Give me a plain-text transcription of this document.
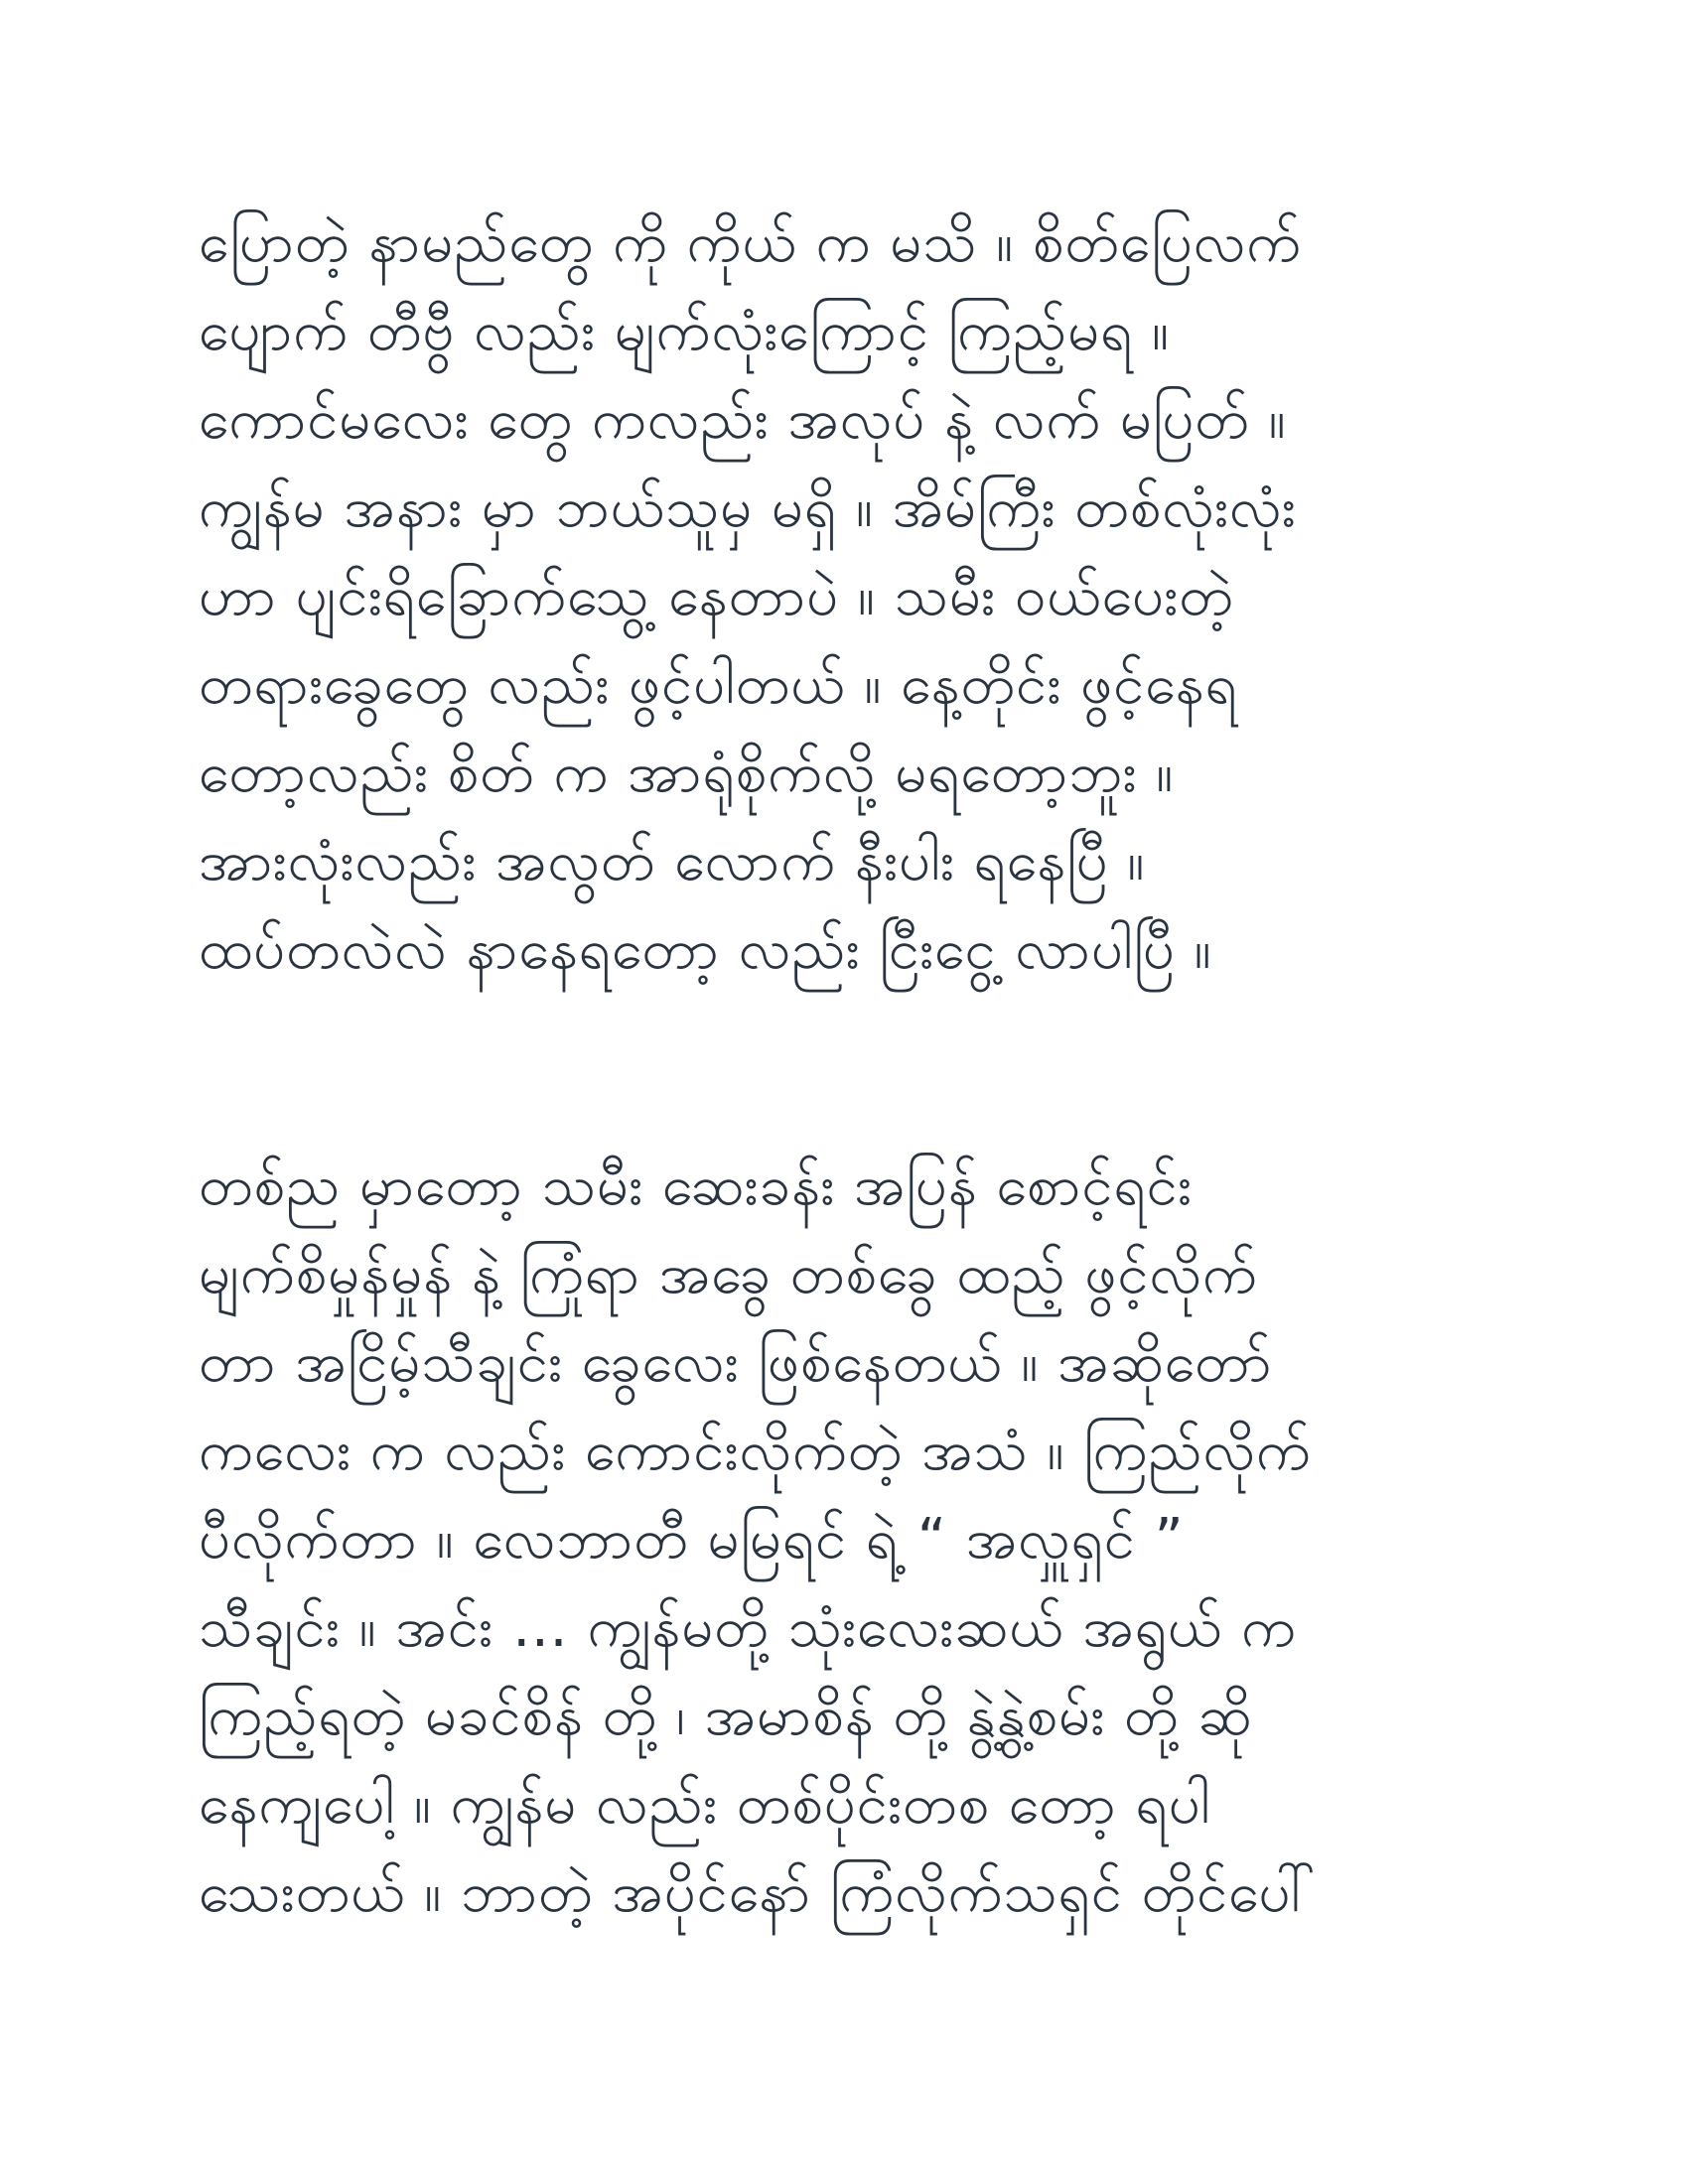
ပြောတဲ့ နာမည်တွေ ကို ကိုယ် က မသိ ။ စိတ်ပြေလက်
ပျောက် တီဗွီ လည်း မျက်လုံးကြောင့် ကြည့်မရ ။
ကောင်မလေး တွေ ကလည်း အလုပ် နဲ့ လက် မပြတ် ။
ကျွန်မ အနား မှာ ဘယ်သူမှ မရှိ ။ အိမ်ကြီး တစ်လုံးလုံး
ဟာ ပျင်းရိခြောက်သွေ့ နေတာပဲ ။ သမီး ဝယ်ပေးတဲ့
တရားခွေတွေ လည်း ဖွင့်ပါတယ် ။ နေ့တိုင်း ဖွင့်နေရ
တော့လည်း စိတ် က အာရုံစိုက်လို့ မရတော့ဘူး ။
အားလုံးလည်း အလွတ် လောက် နီးပါး ရနေပြီ ။
ထပ်တလဲလဲ နာနေရတော့ လည်း ငြီးငွေ့ လာပါပြီ ။
တစ်ည မှာတော့ သမီး ဆေးခန်း အပြန် စောင့်ရင်း
မျက်စိမှုန်မှုန် နဲ့ ကြုံရာ အခွေ တစ်ခွေ ထည့် ဖွင့်လိုက်
တာ အငြိမ့်သီချင်း ခွေလေး ဖြစ်နေတယ် ။ အဆိုတော်
ကလေး က လည်း ကောင်းလိုက်တဲ့ အသံ ။ ကြည်လိုက်
ပီလိုက်တာ ။ လေဘာတီ မမြရင် ရဲ့ “ အလှူရှင် ”
သီချင်း ။ အင်း … ကျွန်မတို့ သုံးလေးဆယ် အရွယ် က
ကြည့်ရတဲ့ မခင်စိန် တို့ ၊ အမာစိန် တို့ နွဲ့နွဲ့စမ်း တို့ ဆို
နေကျပေါ့ ။ ကျွန်မ လည်း တစ်ပိုင်းတစ တော့ ရပါ
သေးတယ် ။ ဘာတဲ့ အပိုင်နော် ကြံလိုက်သရှင် တိုင်ပေါ်
